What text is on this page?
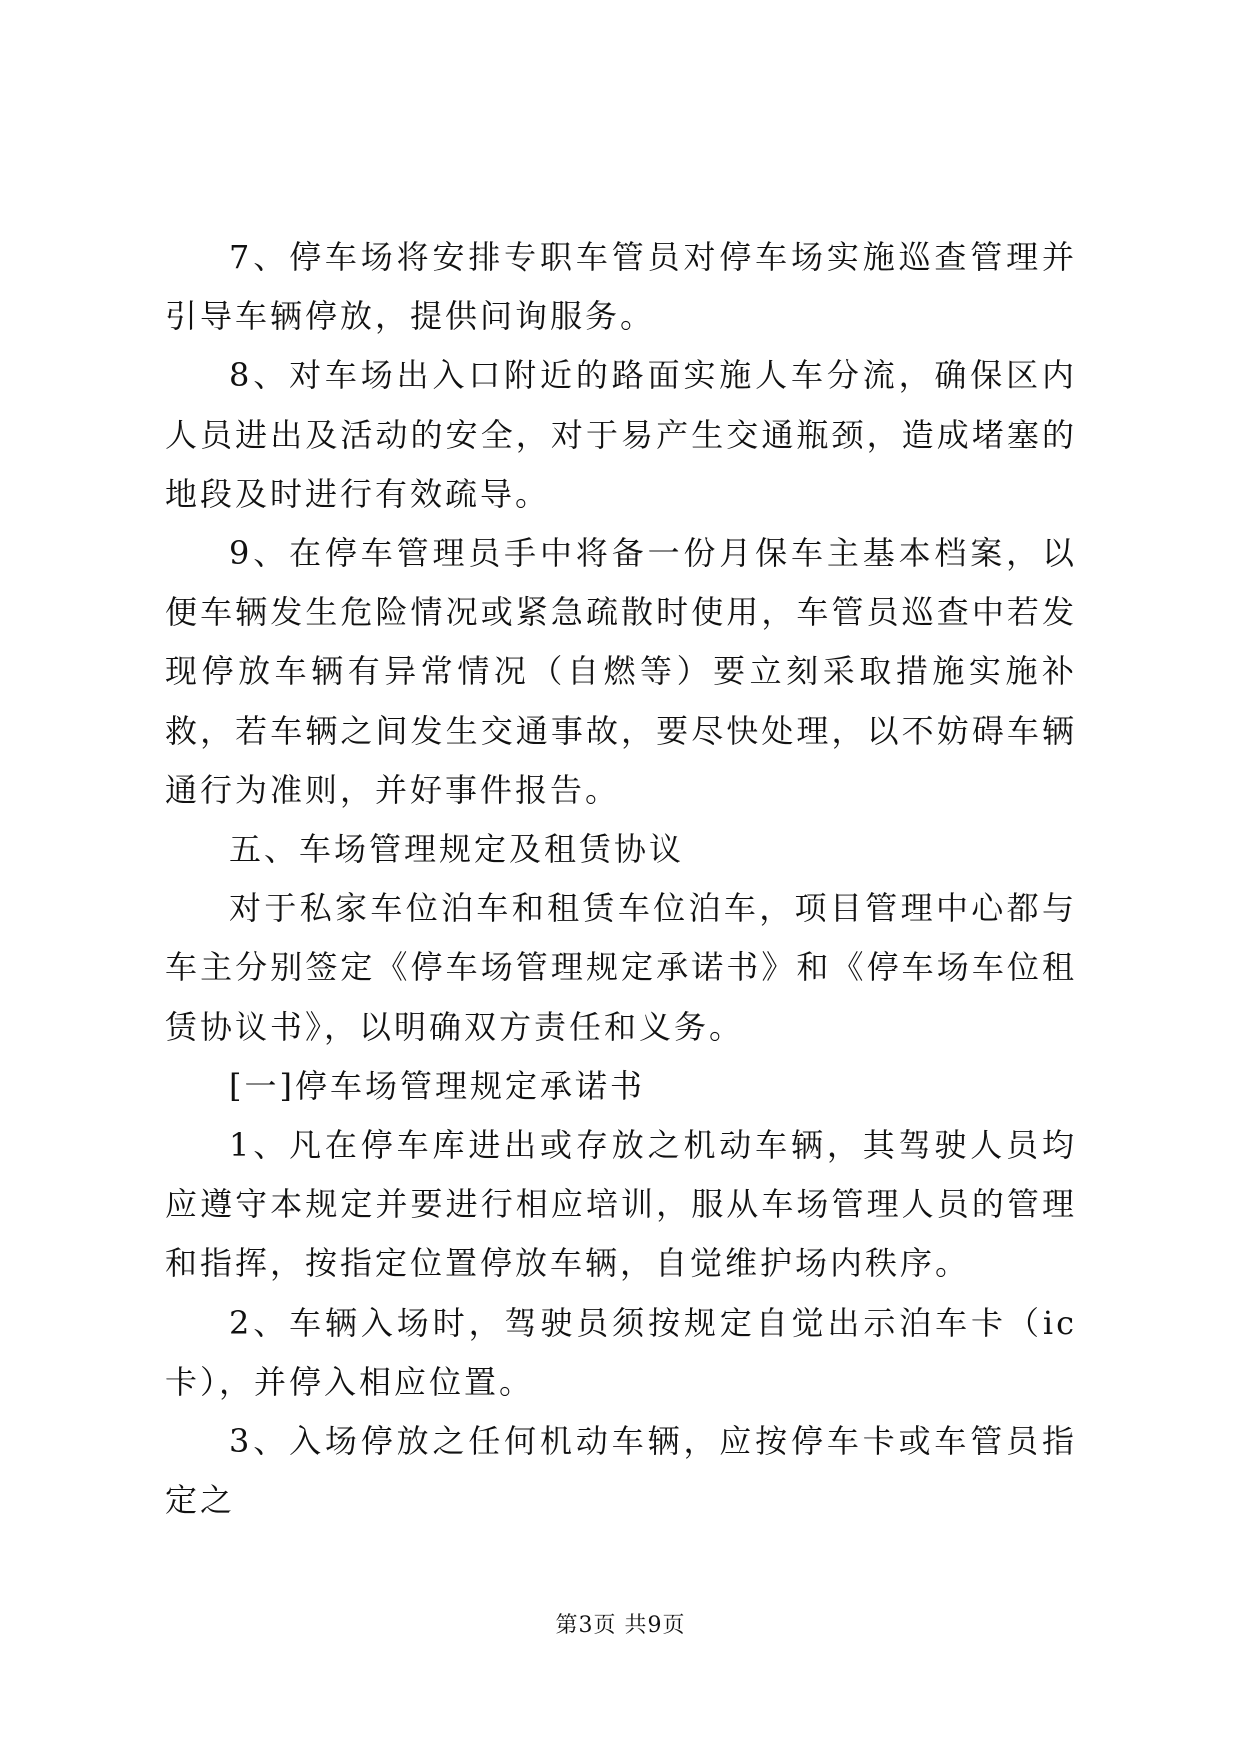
7、停车场将安排专职车管员对停车场实施巡查管理并引导车辆停放，提供问询服务。

8、对车场出入口附近的路面实施人车分流，确保区内人员进出及活动的安全，对于易产生交通瓶颈，造成堵塞的地段及时进行有效疏导。

9、在停车管理员手中将备一份月保车主基本档案，以便车辆发生危险情况或紧急疏散时使用，车管员巡查中若发现停放车辆有异常情况（自燃等）要立刻采取措施实施补救，若车辆之间发生交通事故，要尽快处理，以不妨碍车辆通行为准则，并好事件报告。

五、车场管理规定及租赁协议

对于私家车位泊车和租赁车位泊车，项目管理中心都与车主分别签定《停车场管理规定承诺书》和《停车场车位租赁协议书》，以明确双方责任和义务。

[一]停车场管理规定承诺书

1、凡在停车库进出或存放之机动车辆，其驾驶人员均应遵守本规定并要进行相应培训，服从车场管理人员的管理和指挥，按指定位置停放车辆，自觉维护场内秩序。

2、车辆入场时，驾驶员须按规定自觉出示泊车卡（ic卡），并停入相应位置。

3、入场停放之任何机动车辆，应按停车卡或车管员指定之

第3页 共9页
